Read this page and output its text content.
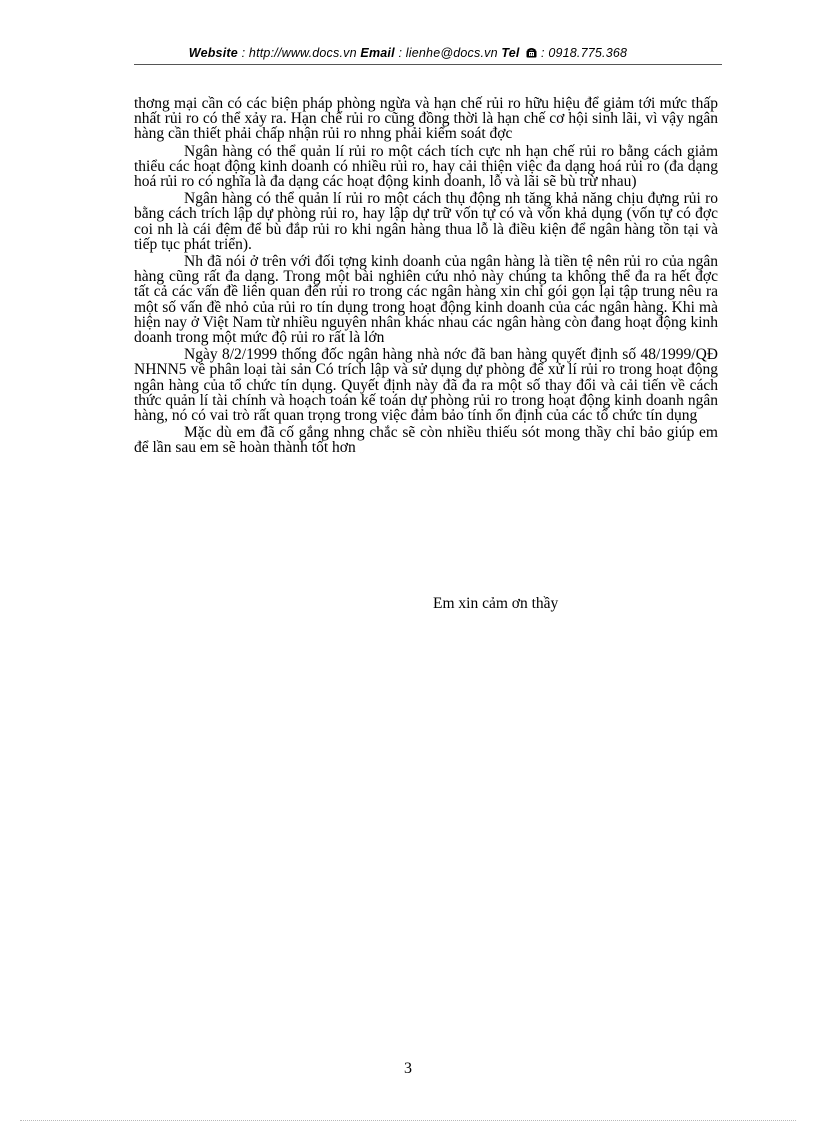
Website : http://www.docs.vn Email : lienhe@docs.vn Tel  : 0918.775.368

thơng mại cần có các biện pháp phòng ngừa và hạn chế rủi ro hữu hiệu để giảm tới mức thấp nhất rủi ro có thể xảy ra. Hạn chế rủi ro cũng đồng thời là hạn chế cơ hội sinh lãi, vì vậy ngân hàng cần thiết phải chấp nhận rủi ro nhng phải kiểm soát đợc

Ngân hàng có thể quản lí rủi ro một cách tích cực nh hạn chế rủi ro bằng cách giảm thiểu các hoạt động kinh doanh có nhiều rủi ro, hay cải thiện việc đa dạng hoá rủi ro (đa dạng hoá rủi ro có nghĩa là đa dạng các hoạt động kinh doanh, lỗ và lãi sẽ bù trừ nhau)

Ngân hàng có thể quản lí rủi ro một cách thụ động nh tăng khả năng chịu đựng rủi ro bằng cách trích lập dự phòng rủi ro, hay lập dự trữ vốn tự có và vốn khả dụng (vốn tự có đợc coi nh là cái đệm để bù đắp rủi ro khi ngân hàng thua lỗ là điều kiện để ngân hàng tồn tại và tiếp tục phát triển).

Nh đã nói ở trên với đối tợng kinh doanh của ngân hàng là tiền tệ nên rủi ro của ngân hàng cũng rất đa dạng. Trong một bài nghiên cứu nhỏ này chúng ta không thể đa ra hết đợc tất cả các vấn đề liên quan đến rủi ro trong các ngân hàng xin chỉ gói gọn lại tập trung nêu ra một số vấn đề nhỏ của rủi ro tín dụng trong hoạt động kinh doanh của các ngân hàng. Khi mà hiện nay ở Việt Nam từ nhiều nguyên nhân khác nhau các ngân hàng còn đang hoạt động kinh doanh trong một mức độ rủi ro rất là lớn

Ngày 8/2/1999 thống đốc ngân hàng nhà nớc đã ban hàng quyết định số 48/1999/QĐ NHNN5 về phân loại tài sản Có trích lập và sử dụng dự phòng để xử lí rủi ro trong hoạt động ngân hàng của tổ chức tín dụng. Quyết định này đã đa ra một số thay đổi và cải tiến về cách thức quản lí tài chính và hoạch toán kế toán dự phòng rủi ro trong hoạt động kinh doanh ngân hàng, nó có vai trò rất quan trọng trong việc đảm bảo tính ổn định của các tổ chức tín dụng

Mặc dù em đã cố gắng nhng chắc sẽ còn nhiều thiếu sót mong thầy chỉ bảo giúp em để lần sau em sẽ hoàn thành tốt hơn

Em xin cảm ơn thầy
3
